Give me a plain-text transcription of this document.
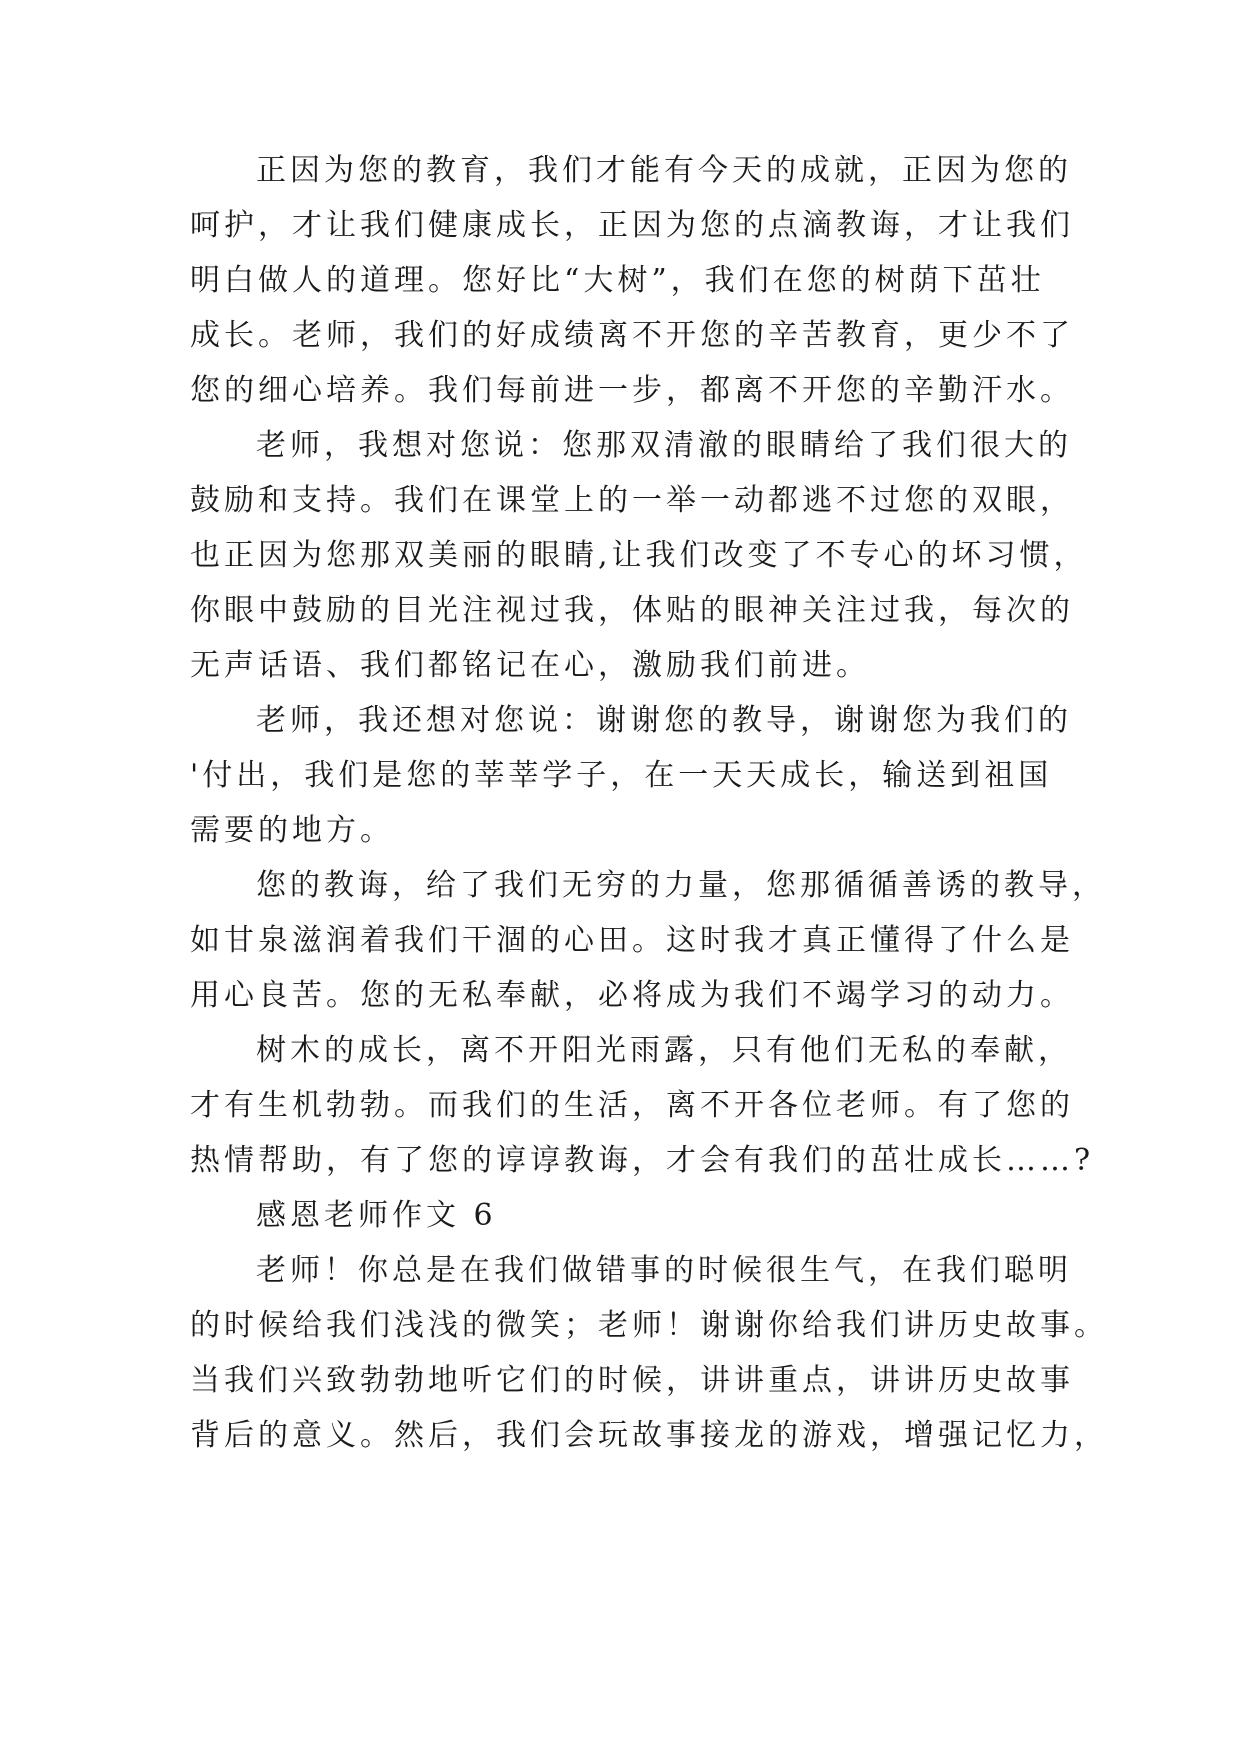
正因为您的教育，我们才能有今天的成就，正因为您的
呵护，才让我们健康成长，正因为您的点滴教诲，才让我们
明白做人的道理。您好比“大树”，我们在您的树荫下茁壮
成长。老师，我们的好成绩离不开您的辛苦教育，更少不了
您的细心培养。我们每前进一步，都离不开您的辛勤汗水。
老师，我想对您说：您那双清澈的眼睛给了我们很大的
鼓励和支持。我们在课堂上的一举一动都逃不过您的双眼，
也正因为您那双美丽的眼睛,让我们改变了不专心的坏习惯，
你眼中鼓励的目光注视过我，体贴的眼神关注过我，每次的
无声话语、我们都铭记在心，激励我们前进。
老师，我还想对您说：谢谢您的教导，谢谢您为我们的
'付出，我们是您的莘莘学子，在一天天成长，输送到祖国
需要的地方。
您的教诲，给了我们无穷的力量，您那循循善诱的教导，
如甘泉滋润着我们干涸的心田。这时我才真正懂得了什么是
用心良苦。您的无私奉献，必将成为我们不竭学习的动力。
树木的成长，离不开阳光雨露，只有他们无私的奉献，
才有生机勃勃。而我们的生活，离不开各位老师。有了您的
热情帮助，有了您的谆谆教诲，才会有我们的茁壮成长……?
感恩老师作文 6
老师！你总是在我们做错事的时候很生气，在我们聪明
的时候给我们浅浅的微笑；老师！谢谢你给我们讲历史故事。
当我们兴致勃勃地听它们的时候，讲讲重点，讲讲历史故事
背后的意义。然后，我们会玩故事接龙的游戏，增强记忆力，
